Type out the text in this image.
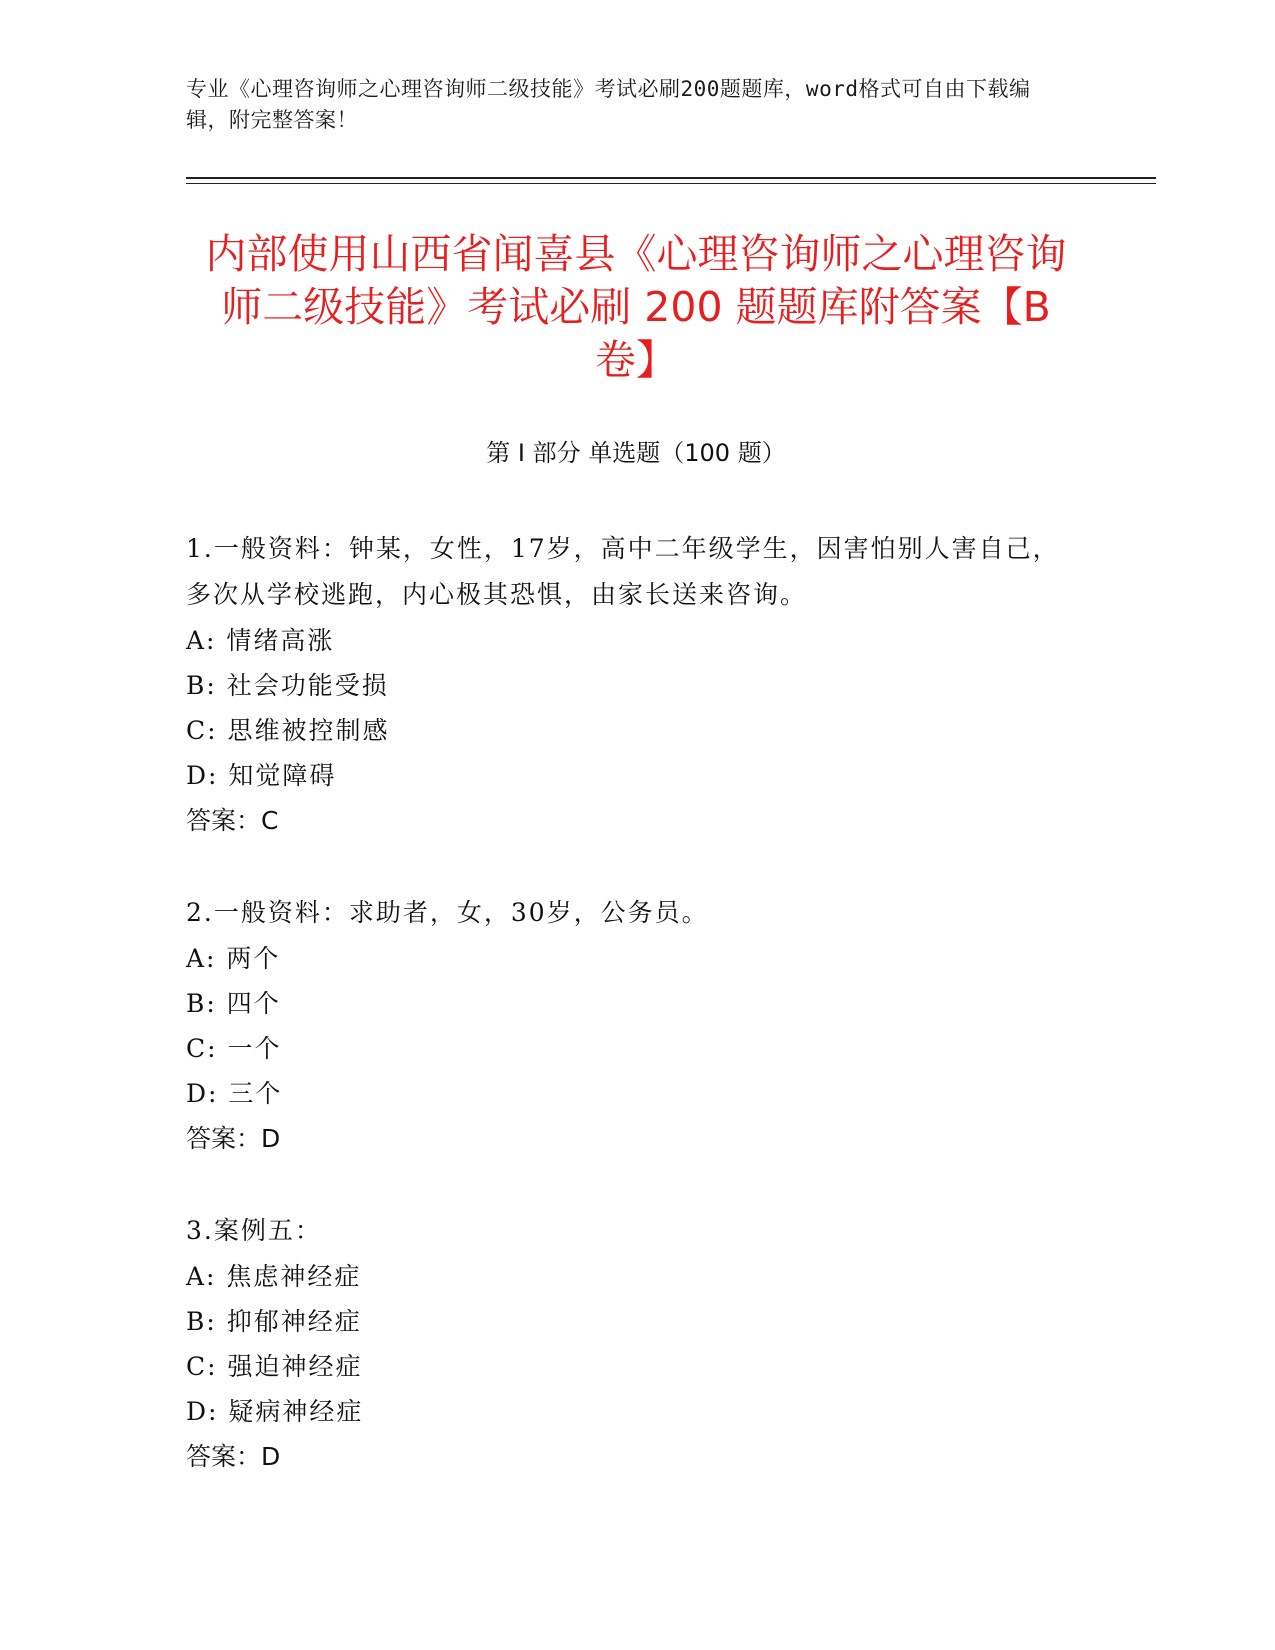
专业《心理咨询师之心理咨询师二级技能》考试必刷200题题库，word格式可自由下载编辑，附完整答案！
内部使用山西省闻喜县《心理咨询师之心理咨询师二级技能》考试必刷 200 题题库附答案【B 卷】
第 I 部分 单选题（100 题）
1.一般资料：钟某，女性，17岁，高中二年级学生，因害怕别人害自己，多次从学校逃跑，内心极其恐惧，由家长送来咨询。
A: 情绪高涨
B: 社会功能受损
C: 思维被控制感
D: 知觉障碍
答案：C
2.一般资料：求助者，女，30岁，公务员。
A: 两个
B: 四个
C: 一个
D: 三个
答案：D
3.案例五：
A: 焦虑神经症
B: 抑郁神经症
C: 强迫神经症
D: 疑病神经症
答案：D
